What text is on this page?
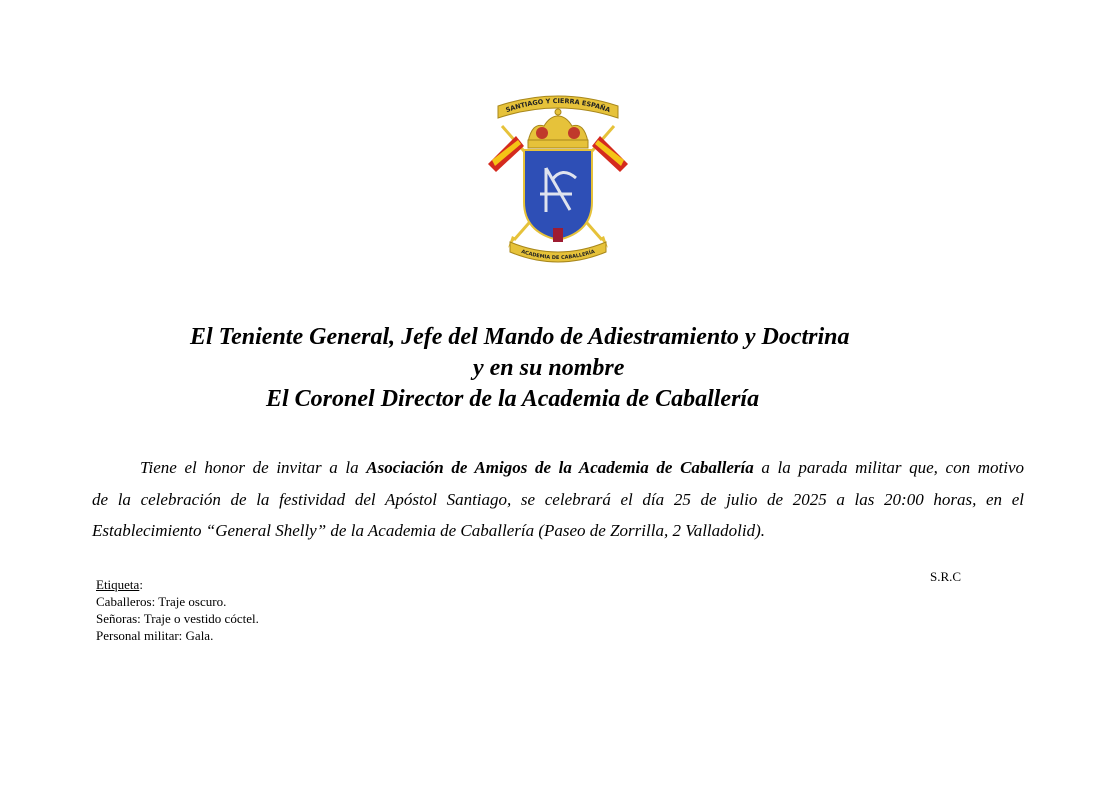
SANTIAGO Y CIERRA ESPAÑA
ACADEMIA DE CABALLERÍA
El Teniente General, Jefe del Mando de Adiestramiento y Doctrina
y en su nombre
El Coronel Director de la Academia de Caballería
Tiene el honor de invitar a la Asociación de Amigos de la Academia de Caballería a la parada militar que, con motivo
de la celebración de la festividad del Apóstol Santiago, se celebrará el día 25 de julio de 2025 a las 20:00 horas, en el
Establecimiento “General Shelly” de la Academia de Caballería (Paseo de Zorrilla, 2 Valladolid).
S.R.C
Etiqueta:
Caballeros: Traje oscuro.
Señoras: Traje o vestido cóctel.
Personal militar: Gala.
